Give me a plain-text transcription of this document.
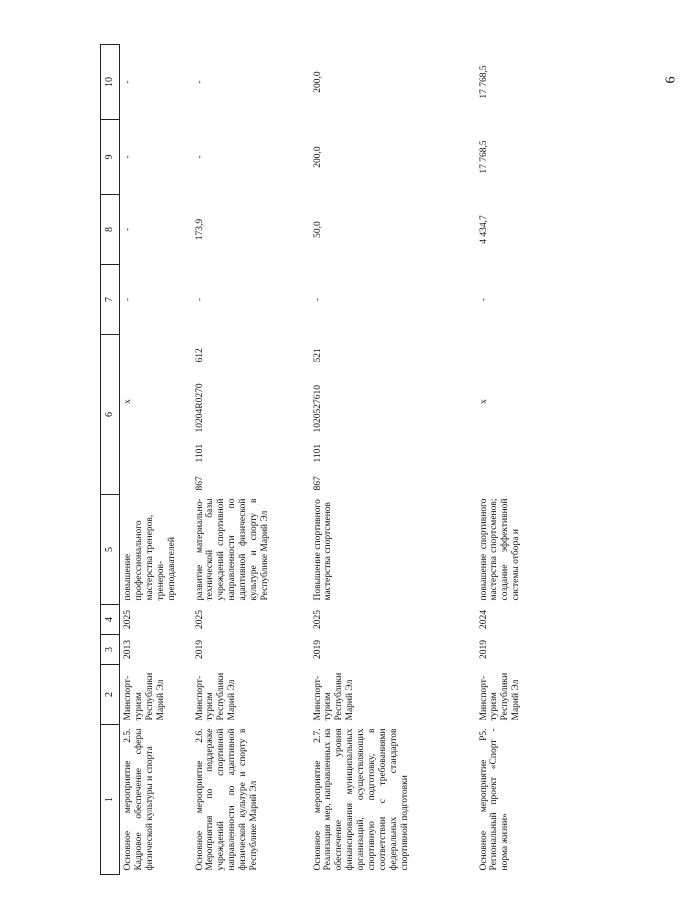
6
1	2	3	4	5	6				7	8	9	10
Основное мероприятие 2.5. Кадровое обеспечение сферы физической культуры и спорта	Минспорт-туризм Республики Марий Эл	2013	2025	повышение профессионального мастерства тренеров, тренеров-преподавателей			х		-	-	-	-
Основное мероприятие 2.6. Мероприятия по поддержке учреждений спортивной направленности по адаптивной физической культуре и спорту в Республике Марий Эл	Минспорт-туризм Республики Марий Эл	2019	2025	развитие материально-технической базы учреждений спортивной направленности по адаптивной физической культуре и спорту в Республике Марий Эл	867	1101	10204R0270	612	-	173,9	-	-
Основное мероприятие 2.7. Реализация мер, направленных на обеспечение уровня финансирования муниципальных организаций, осуществляющих спортивную подготовку, в соответствии с требованиями федеральных стандартов спортивной подготовки	Минспорт-туризм Республики Марий Эл	2019	2025	Повышение спортивного мастерства спортсменов	867	1101	1020527610	521	-	50,0	200,0	200,0
Основное мероприятие Р5. Региональный проект «Спорт - норма жизни»	Минспорт-туризм Республики Марий Эл	2019	2024	повышение спортивного мастерства спортсменов; создание эффективной системы отбора и			х		-	4 434,7	17 768,5	17 768,5
